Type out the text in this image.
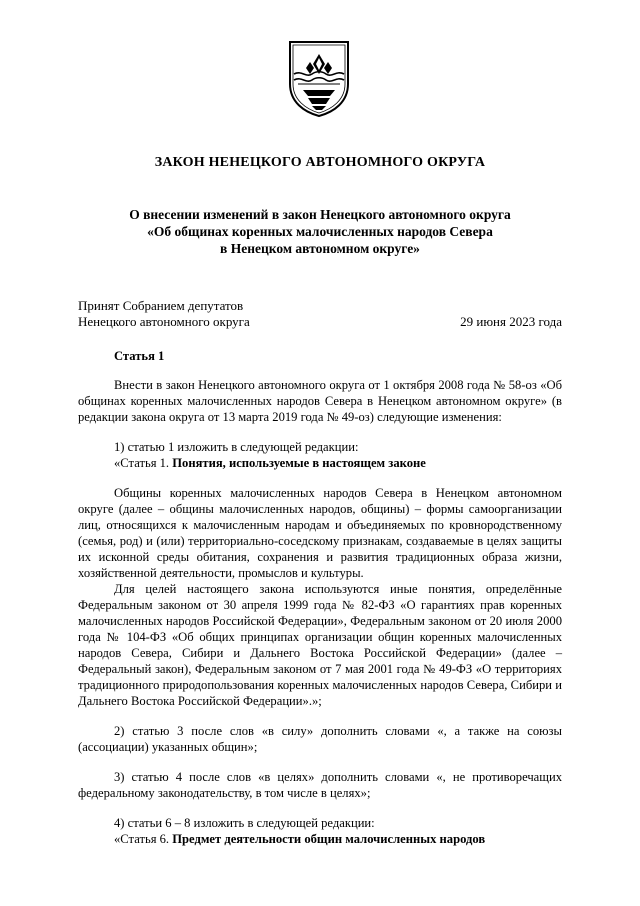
ЗАКОН НЕНЕЦКОГО АВТОНОМНОГО ОКРУГА
О внесении изменений в закон Ненецкого автономного округа
«Об общинах коренных малочисленных народов Севера
в Ненецком автономном округе»
Принят Собранием депутатов
Ненецкого автономного округа	29 июня 2023 года
Статья 1

Внести в закон Ненецкого автономного округа от 1 октября 2008 года № 58-оз «Об общинах коренных малочисленных народов Севера в Ненецком автономном округе» (в редакции закона округа от 13 марта 2019 года № 49-оз) следующие изменения:

1) статью 1 изложить в следующей редакции:
«Статья 1. Понятия, используемые в настоящем законе

Общины коренных малочисленных народов Севера в Ненецком автономном округе (далее – общины малочисленных народов, общины) – формы самоорганизации лиц, относящихся к малочисленным народам и объединяемых по кровнородственному (семья, род) и (или) территориально-соседскому признакам, создаваемые в целях защиты их исконной среды обитания, сохранения и развития традиционных образа жизни, хозяйственной деятельности, промыслов и культуры.

Для целей настоящего закона используются иные понятия, определённые Федеральным законом от 30 апреля 1999 года № 82-ФЗ «О гарантиях прав коренных малочисленных народов Российской Федерации», Федеральным законом от 20 июля 2000 года № 104-ФЗ «Об общих принципах организации общин коренных малочисленных народов Севера, Сибири и Дальнего Востока Российской Федерации» (далее – Федеральный закон), Федеральным законом от 7 мая 2001 года № 49-ФЗ «О территориях традиционного природопользования коренных малочисленных народов Севера, Сибири и Дальнего Востока Российской Федерации».»;

2) статью 3 после слов «в силу» дополнить словами «, а также на союзы (ассоциации) указанных общин»;

3) статью 4 после слов «в целях» дополнить словами «, не противоречащих федеральному законодательству, в том числе в целях»;

4) статьи 6 – 8 изложить в следующей редакции:
«Статья 6. Предмет деятельности общин малочисленных народов
